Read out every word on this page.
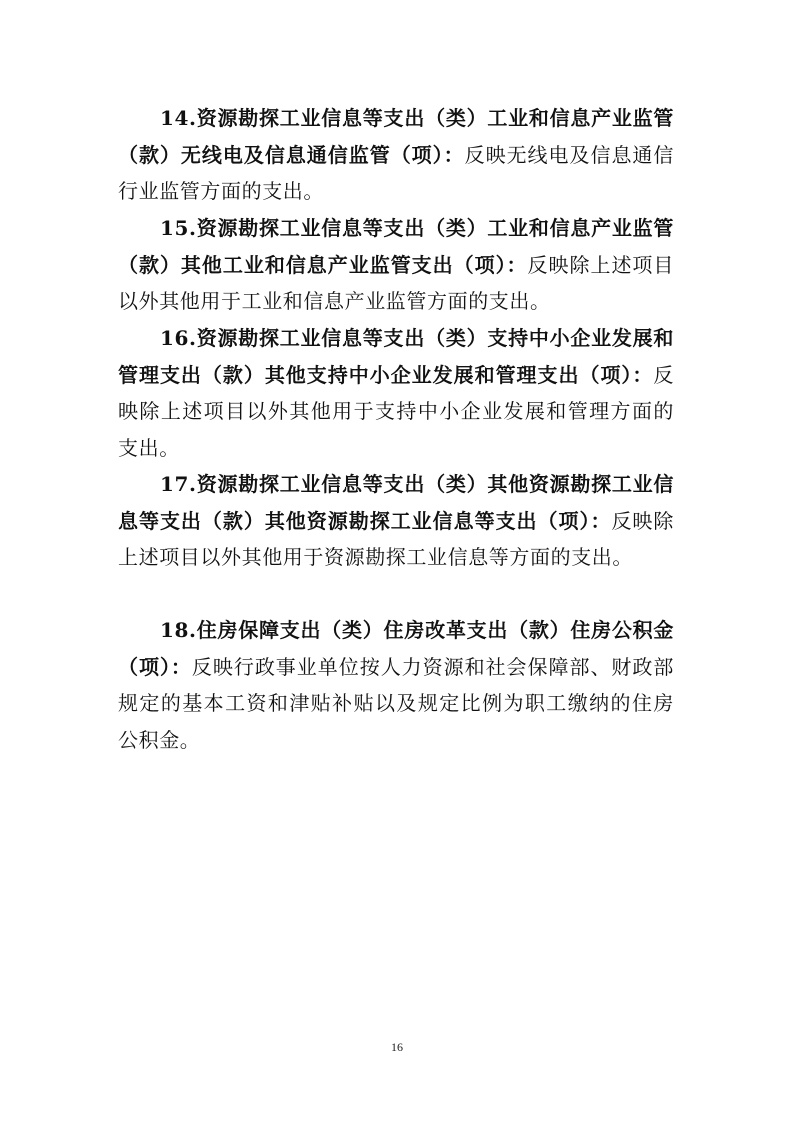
14.资源勘探工业信息等支出（类）工业和信息产业监管（款）无线电及信息通信监管（项）：反映无线电及信息通信行业监管方面的支出。

15.资源勘探工业信息等支出（类）工业和信息产业监管（款）其他工业和信息产业监管支出（项）：反映除上述项目以外其他用于工业和信息产业监管方面的支出。

16.资源勘探工业信息等支出（类）支持中小企业发展和管理支出（款）其他支持中小企业发展和管理支出（项）：反映除上述项目以外其他用于支持中小企业发展和管理方面的支出。

17.资源勘探工业信息等支出（类）其他资源勘探工业信息等支出（款）其他资源勘探工业信息等支出（项）：反映除上述项目以外其他用于资源勘探工业信息等方面的支出。

18.住房保障支出（类）住房改革支出（款）住房公积金（项）：反映行政事业单位按人力资源和社会保障部、财政部规定的基本工资和津贴补贴以及规定比例为职工缴纳的住房公积金。

16
